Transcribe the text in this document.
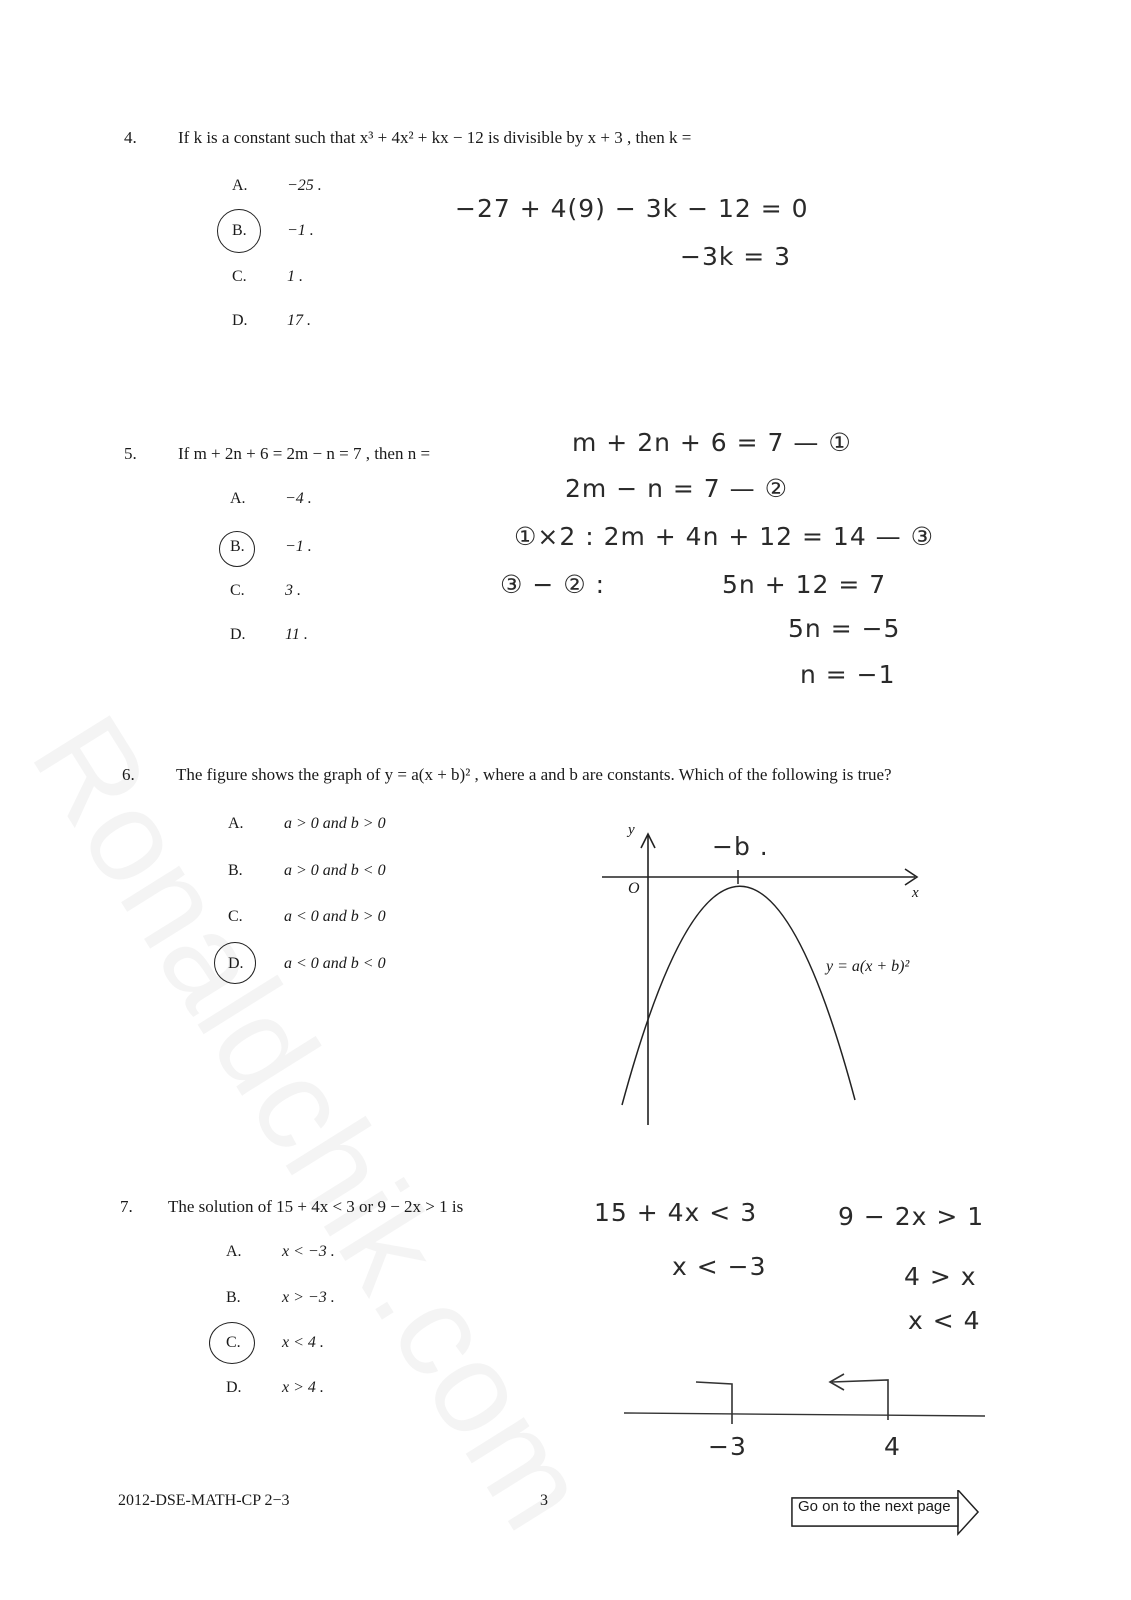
4. If k is a constant such that x³ + 4x² + kx − 12 is divisible by x + 3 , then k =
A. −25 .
B.	−1 .
C.	1 .
D. 17 .
−27 + 4(9) − 3k − 12 = 0
−3k = 3
5. If m + 2n + 6 = 2m − n = 7 , then n =
A. −4 .
B.	−1 .
C.	3 .
D. 11 .
m + 2n + 6 = 7 — ①
2m − n = 7 — ②
①×2 : 2m + 4n + 12 = 14 — ③
③ − ② :	5n + 12 = 7
5n = −5
n = −1
6. The figure shows the graph of y = a(x + b)² , where a and b are constants. Which of the following is true?
A.	a > 0 and b > 0
B.	a > 0 and b < 0
C.	a < 0 and b > 0
D.	a < 0 and b < 0
y
x
O
y = a(x + b)²
−b .
7. The solution of 15 + 4x < 3 or 9 − 2x > 1 is
A.	x < −3 .
B.	x > −3 .
C.	x < 4 .
D.	x > 4 .
15 + 4x < 3
x < −3
9 − 2x > 1
4 > x
x < 4
−3	4
2012-DSE-MATH-CP 2−3	3	Go on to the next page
